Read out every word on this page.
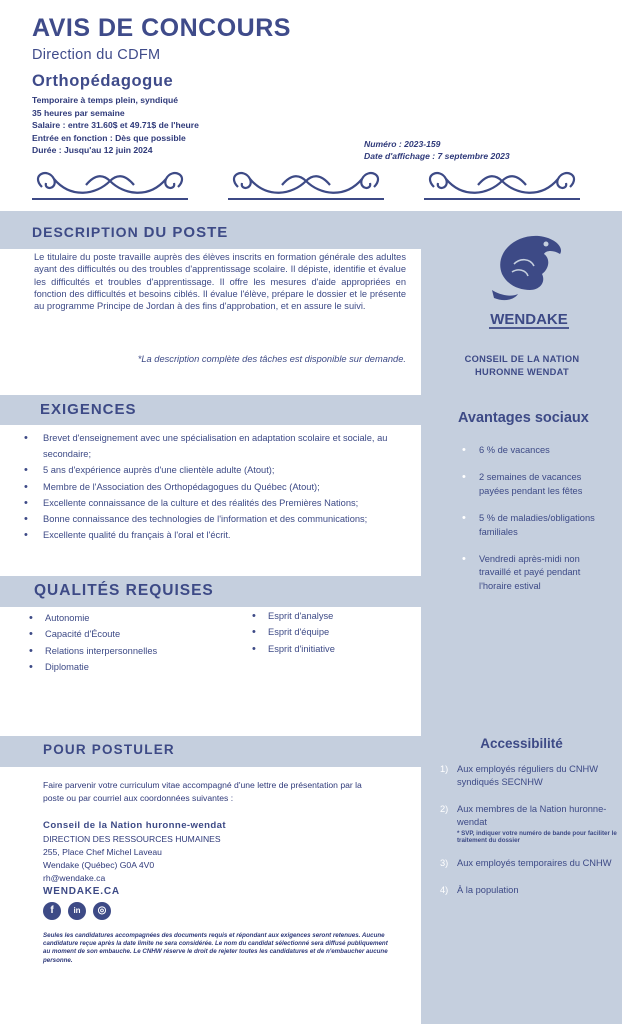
AVIS DE CONCOURS
Direction du CDFM
Orthopédagogue
Temporaire à temps plein, syndiqué
35 heures par semaine
Salaire : entre 31.60$ et 49.71$ de l'heure
Entrée en fonction : Dès que possible
Durée : Jusqu'au 12 juin 2024
Numéro : 2023-159
Date d'affichage : 7 septembre 2023
DESCRIPTION DU POSTE
Le titulaire du poste travaille auprès des élèves inscrits en formation générale des adultes ayant des difficultés ou des troubles d'apprentissage scolaire. Il dépiste, identifie et évalue les difficultés et troubles d'apprentissage. Il offre les mesures d'aide appropriées en fonction des difficultés et besoins ciblés. Il évalue l'élève, prépare le dossier et le présente au programme Principe de Jordan à des fins d'approbation, et en assure le suivi.
*La description complète des tâches est disponible sur demande.
EXIGENCES
• Brevet d'enseignement avec une spécialisation en adaptation scolaire et sociale, au secondaire;
• 5 ans d'expérience auprès d'une clientèle adulte (Atout);
• Membre de l'Association des Orthopédagogues du Québec (Atout);
• Excellente connaissance de la culture et des réalités des Premières Nations;
• Bonne connaissance des technologies de l'information et des communications;
• Excellente qualité du français à l'oral et l'écrit.
QUALITÉS REQUISES
• Autonomie
• Capacité d'Écoute
• Relations interpersonnelles
• Diplomatie
• Esprit d'analyse
• Esprit d'équipe
• Esprit d'initiative
POUR POSTULER
Faire parvenir votre curriculum vitae accompagné d'une lettre de présentation par la poste ou par courriel aux coordonnées suivantes :
Conseil de la Nation huronne-wendat
DIRECTION DES RESSOURCES HUMAINES
255, Place Chef Michel Laveau
Wendake (Québec) G0A 4V0
rh@wendake.ca
WENDAKE.CA
f	in	◎
Seules les candidatures accompagnées des documents requis et répondant aux exigences seront retenues. Aucune candidature reçue après la date limite ne sera considérée. Le nom du candidat sélectionné sera diffusé publiquement au moment de son embauche. Le CNHW réserve le droit de rejeter toutes les candidatures et de n'embaucher aucune personne.
WENDAKE
CONSEIL DE LA NATION
HURONNE WENDAT
Avantages sociaux
• 6 % de vacances
• 2 semaines de vacances payées pendant les fêtes
• 5 % de maladies/obligations familiales
• Vendredi après-midi non travaillé et payé pendant l'horaire estival
Accessibilité
1) Aux employés réguliers du CNHW syndiqués SECNHW
2) Aux membres de la Nation huronne-wendat
* SVP, indiquer votre numéro de bande pour faciliter le traitement du dossier
3) Aux employés temporaires du CNHW
4) À la population
